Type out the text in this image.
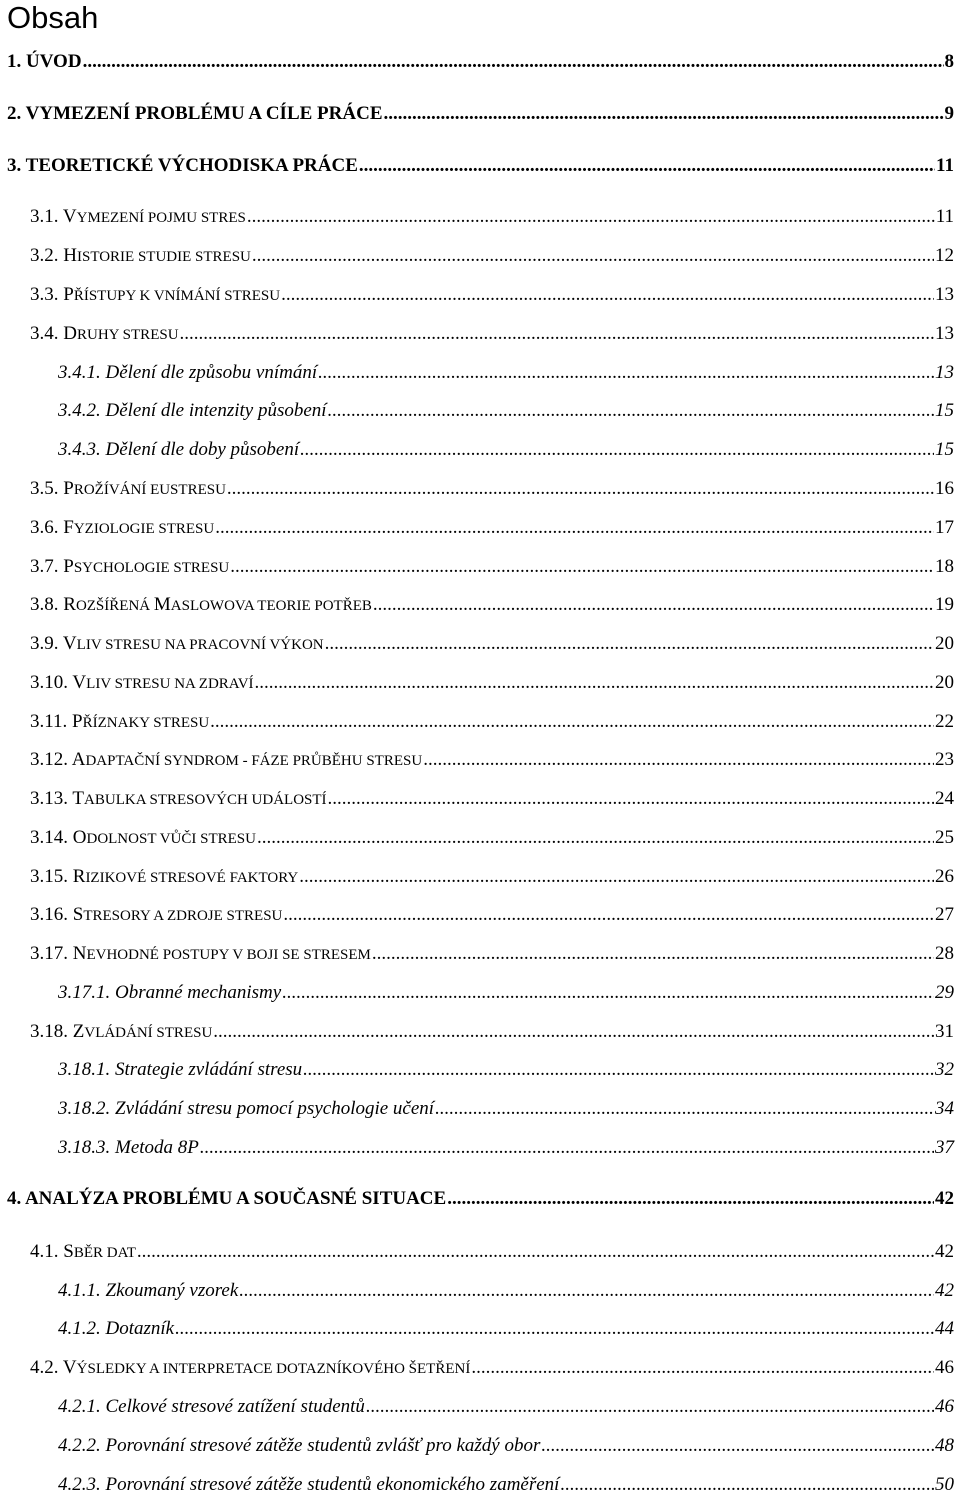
Obsah
1. ÚVOD .....	8
2. VYMEZENÍ PROBLÉMU A CÍLE PRÁCE .....	9
3. TEORETICKÉ VÝCHODISKA PRÁCE .....	11
3.1. VYMEZENÍ POJMU STRES .....	11
3.2. HISTORIE STUDIE STRESU .....	12
3.3. PŘÍSTUPY K VNÍMÁNÍ STRESU .....	13
3.4. DRUHY STRESU .....	13
3.4.1. Dělení dle způsobu vnímání .....	13
3.4.2. Dělení dle intenzity působení .....	15
3.4.3. Dělení dle doby působení .....	15
3.5. PROŽÍVÁNÍ EUSTRESU .....	16
3.6. FYZIOLOGIE STRESU .....	17
3.7. PSYCHOLOGIE STRESU .....	18
3.8. ROZŠÍŘENÁ MASLOWOVA TEORIE POTŘEB .....	19
3.9. VLIV STRESU NA PRACOVNÍ VÝKON .....	20
3.10. VLIV STRESU NA ZDRAVÍ .....	20
3.11. PŘÍZNAKY STRESU .....	22
3.12. ADAPTAČNÍ SYNDROM - FÁZE PRŮBĚHU STRESU .....	23
3.13. TABULKA STRESOVÝCH UDÁLOSTÍ .....	24
3.14. ODOLNOST VŮČI STRESU .....	25
3.15. RIZIKOVÉ STRESOVÉ FAKTORY .....	26
3.16. STRESORY A ZDROJE STRESU .....	27
3.17. NEVHODNÉ POSTUPY V BOJI SE STRESEM .....	28
3.17.1. Obranné mechanismy .....	29
3.18. ZVLÁDÁNÍ STRESU .....	31
3.18.1. Strategie zvládání stresu .....	32
3.18.2. Zvládání stresu pomocí psychologie učení .....	34
3.18.3. Metoda 8P .....	37
4. ANALÝZA PROBLÉMU A SOUČASNÉ SITUACE .....	42
4.1. SBĚR DAT .....	42
4.1.1. Zkoumaný vzorek .....	42
4.1.2. Dotazník .....	44
4.2. VÝSLEDKY A INTERPRETACE DOTAZNÍKOVÉHO ŠETŘENÍ .....	46
4.2.1. Celkové stresové zatížení studentů .....	46
4.2.2. Porovnání stresové zátěže studentů zvlášť pro každý obor .....	48
4.2.3. Porovnání stresové zátěže studentů ekonomického zaměření .....	50
